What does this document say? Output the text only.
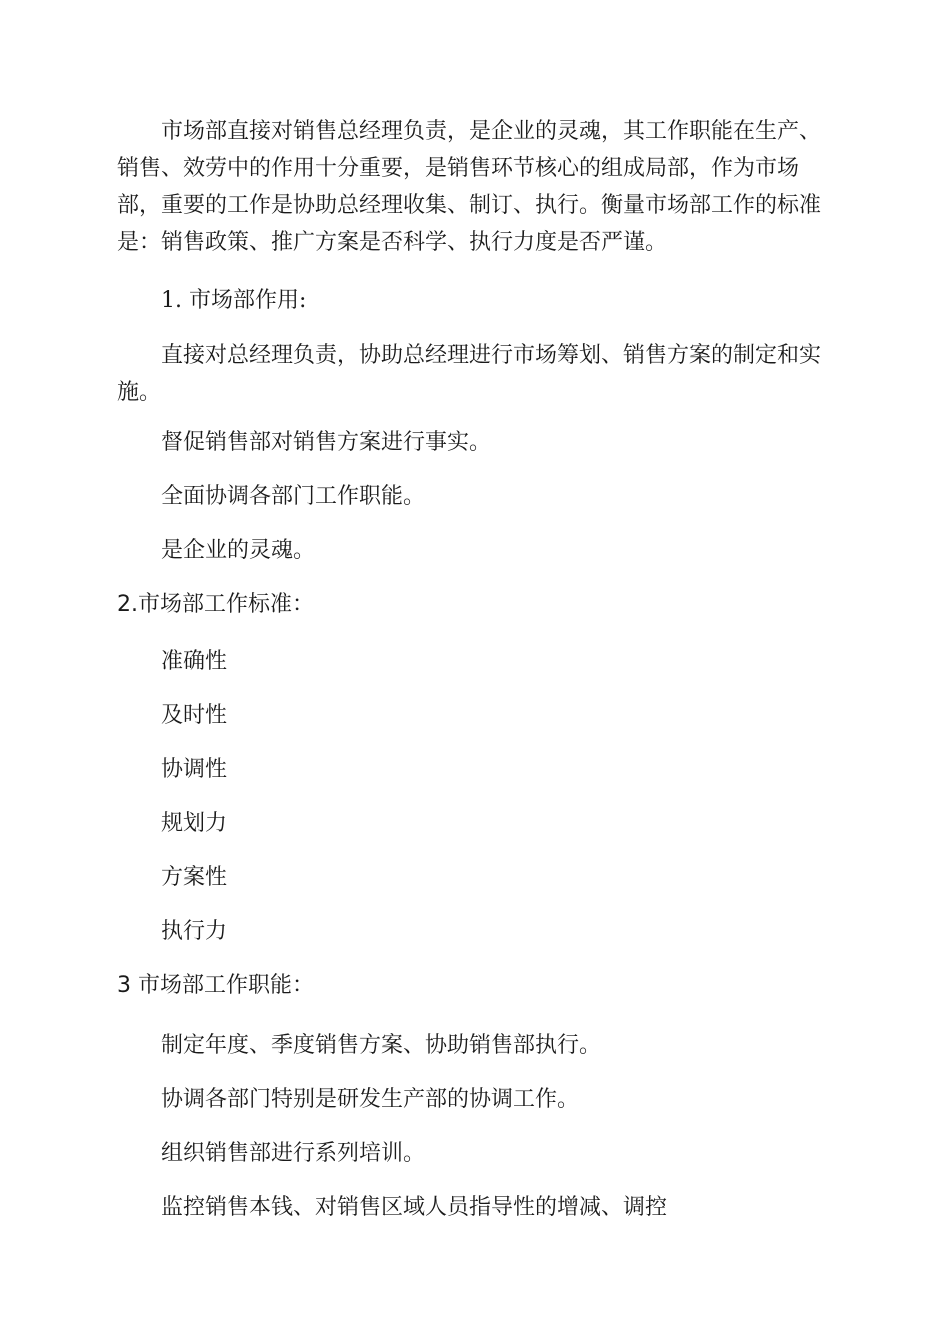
市场部直接对销售总经理负责，是企业的灵魂，其工作职能在生产、销售、效劳中的作用十分重要，是销售环节核心的组成局部，作为市场部，重要的工作是协助总经理收集、制订、执行。衡量市场部工作的标准是：销售政策、推广方案是否科学、执行力度是否严谨。

1. 市场部作用:

直接对总经理负责，协助总经理进行市场筹划、销售方案的制定和实施。

督促销售部对销售方案进行事实。

全面协调各部门工作职能。

是企业的灵魂。

2.市场部工作标准：

准确性

及时性

协调性

规划力

方案性

执行力

3 市场部工作职能：

制定年度、季度销售方案、协助销售部执行。

协调各部门特别是研发生产部的协调工作。

组织销售部进行系列培训。

监控销售本钱、对销售区域人员指导性的增减、调控
